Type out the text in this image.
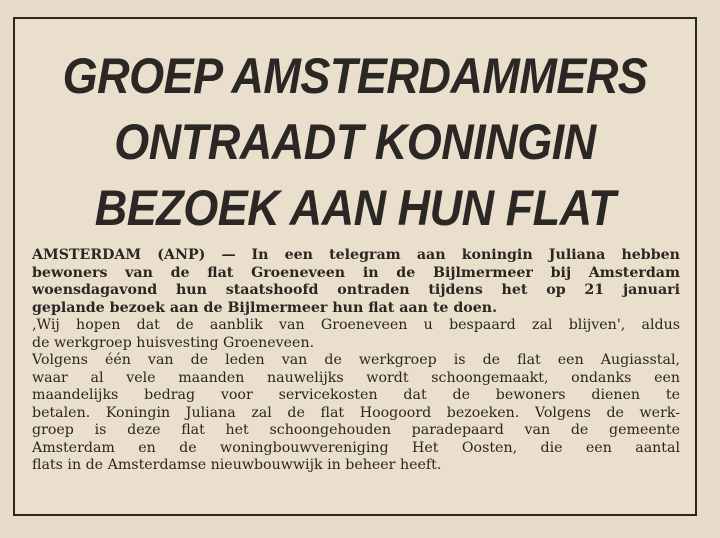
GROEP AMSTERDAMMERS
ONTRAADT KONINGIN
BEZOEK AAN HUN FLAT
AMSTERDAM (ANP) — In een telegram aan koningin Juliana hebben
bewoners van de flat Groeneveen in de Bijlmermeer bij Amsterdam
woensdagavond hun staatshoofd ontraden tijdens het op 21 januari
geplande bezoek aan de Bijlmermeer hun flat aan te doen.
‚Wij hopen dat de aanblik van Groeneveen u bespaard zal blijven', aldus
de werkgroep huisvesting Groeneveen.
Volgens één van de leden van de werkgroep is de flat een Augiasstal,
waar al vele maanden nauwelijks wordt schoongemaakt, ondanks een
maandelijks bedrag voor servicekosten dat de bewoners dienen te
betalen. Koningin Juliana zal de flat Hoogoord bezoeken. Volgens de werk-
groep is deze flat het schoongehouden paradepaard van de gemeente
Amsterdam en de woningbouwvereniging Het Oosten, die een aantal
flats in de Amsterdamse nieuwbouwwijk in beheer heeft.
